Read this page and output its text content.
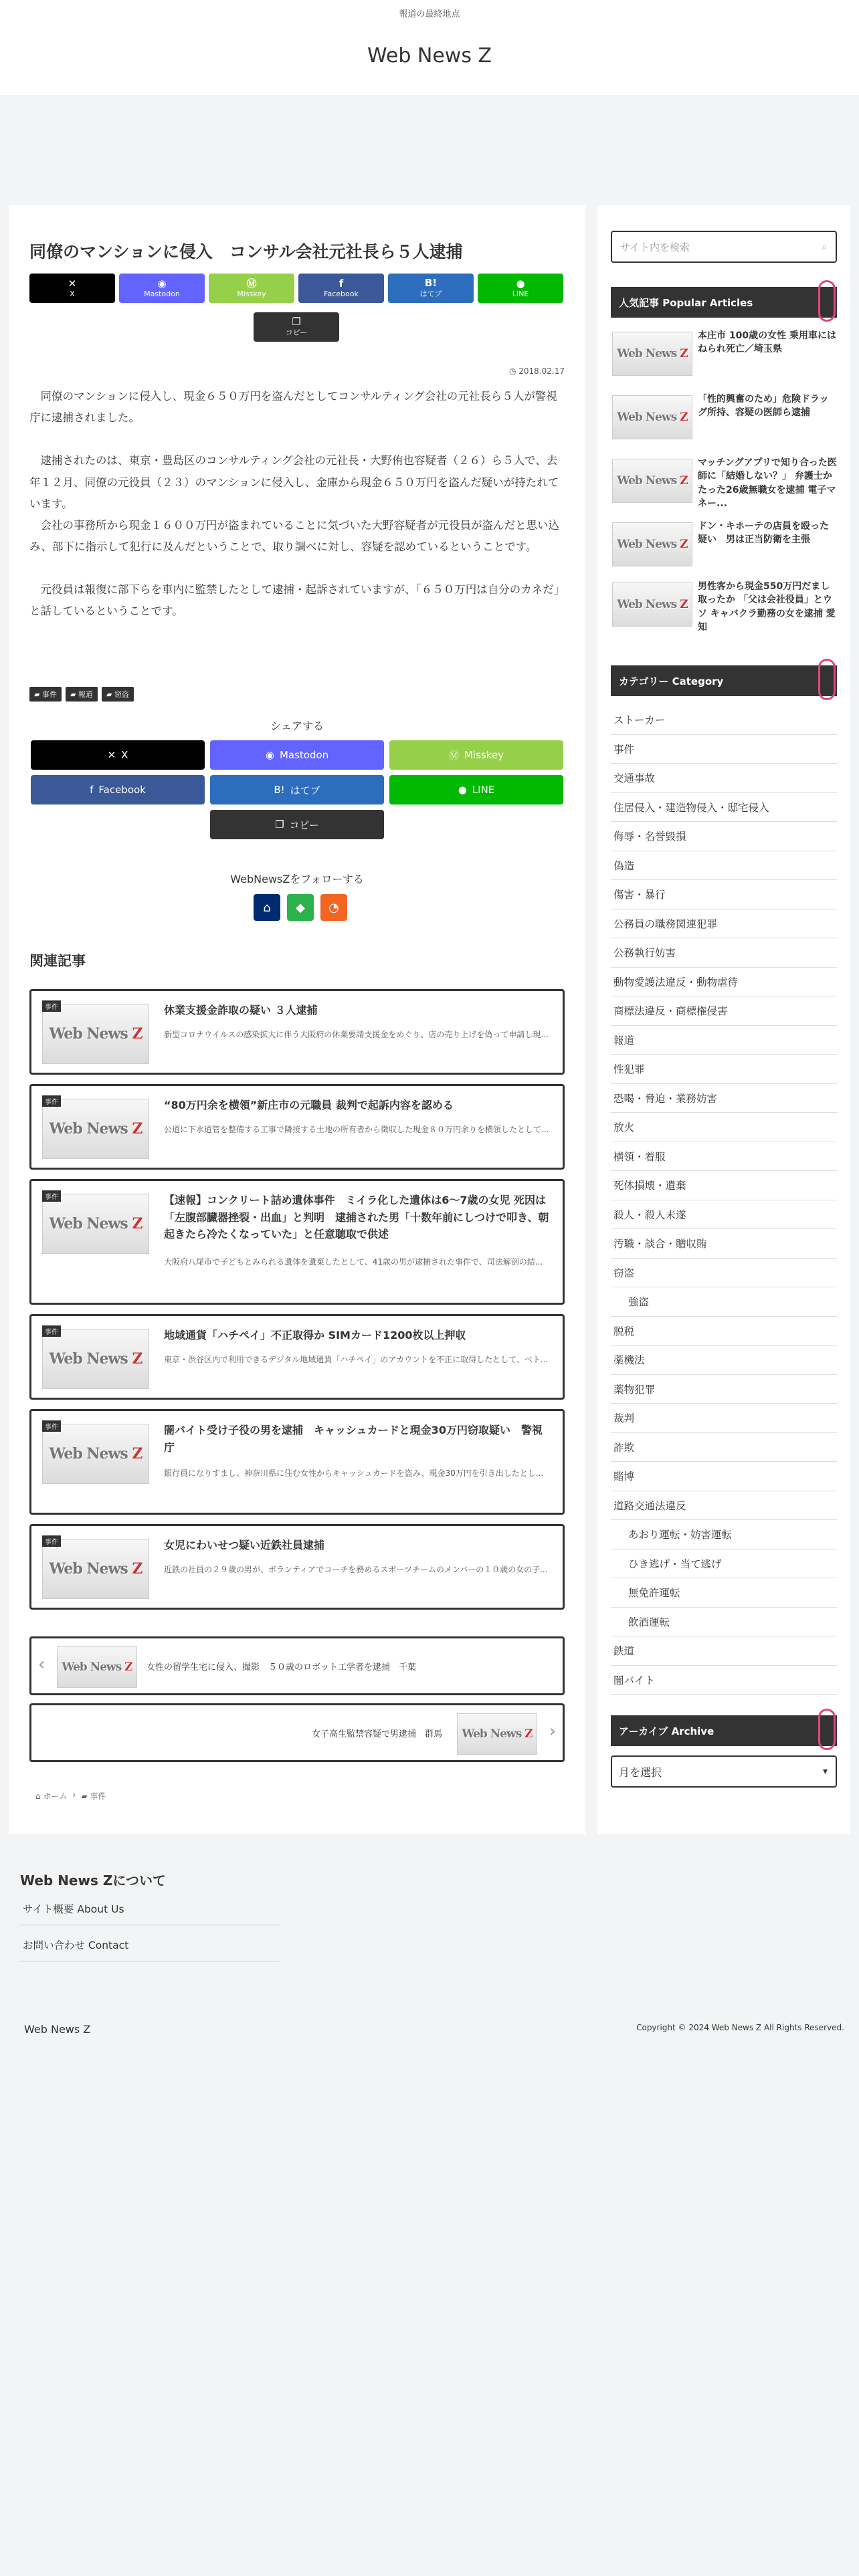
報道の最終地点
Web News Z
同僚のマンションに侵入　コンサル会社元社長ら５人逮捕
✕
X
◉
Mastodon
Ⓜ
Misskey
f
Facebook
B!
はてブ
●
LINE
❐
コピー
◷ 2018.02.17

同僚のマンションに侵入し、現金６５０万円を盗んだとしてコンサルティング会社の元社長ら５人が警視庁に逮捕されました。

逮捕されたのは、東京・豊島区のコンサルティング会社の元社長・大野侑也容疑者（２６）ら５人で、去年１２月、同僚の元役員（２３）のマンションに侵入し、金庫から現金６５０万円を盗んだ疑いが持たれています。

会社の事務所から現金１６００万円が盗まれていることに気づいた大野容疑者が元役員が盗んだと思い込み、部下に指示して犯行に及んだということで、取り調べに対し、容疑を認めているということです。

元役員は報復に部下らを車内に監禁したとして逮捕・起訴されていますが、「６５０万円は自分のカネだ」と話しているということです。

▰ 事件	▰ 報道	▰ 窃盗
シェアする
✕ X	◉ Mastodon	Ⓜ Misskey
f Facebook	B! はてブ	● LINE
❐ コピー
WebNewsZをフォローする
⌂ ◆ ◔
関連記事
Web News Z
事件	休業支援金詐取の疑い ３人逮捕
新型コロナウイルスの感染拡大に伴う大阪府の休業要請支援金をめぐり、店の売り上げを偽って申請し現...
Web News Z
事件	“80万円余を横領”新庄市の元職員 裁判で起訴内容を認める
公道に下水道管を整備する工事で隣接する土地の所有者から徴収した現金８０万円余りを横領したとして...
Web News Z
事件	【速報】コンクリート詰め遺体事件　ミイラ化した遺体は6～7歳の女児 死因は「左腹部臓器挫裂・出血」と判明　逮捕された男「十数年前にしつけで叩き、朝起きたら冷たくなっていた」と任意聴取で供述
大阪府八尾市で子どもとみられる遺体を遺棄したとして、41歳の男が逮捕された事件で、司法解剖の結...
Web News Z
事件	地域通貨「ハチペイ」不正取得か SIMカード1200枚以上押収
東京・渋谷区内で利用できるデジタル地域通貨「ハチペイ」のアカウントを不正に取得したとして、ベト...
Web News Z
事件	闇バイト受け子役の男を逮捕　キャッシュカードと現金30万円窃取疑い　警視庁
銀行員になりすまし、神奈川県に住む女性からキャッシュカードを盗み、現金30万円を引き出したとし...
Web News Z
事件	女児にわいせつ疑い近鉄社員逮捕
近鉄の社員の２９歳の男が、ボランティアでコーチを務めるスポーツチームのメンバーの１０歳の女の子...
‹ Web News Z 女性の留学生宅に侵入、撮影　５０歳のロボット工学者を逮捕　千葉
女子高生監禁容疑で男逮捕　群馬 Web News Z ›
⌂ ホーム › ▰ 事件
サイト内を検索	⌕
人気記事 Popular Articles
Web News Z
本庄市 100歳の女性 乗用車にはねられ死亡／埼玉県
Web News Z
「性的興奮のため」危険ドラッグ所持、容疑の医師ら逮捕
Web News Z
マッチングアプリで知り合った医師に「結婚しない？」 弁護士かたった26歳無職女を逮捕 電子マネー...
Web News Z
ドン・キホーテの店員を殴った疑い　男は正当防衛を主張
Web News Z
男性客から現金550万円だまし取ったか 「父は会社役員」とウソ キャバクラ勤務の女を逮捕 愛知
カテゴリー Category
ストーカー
事件
交通事故
住居侵入・建造物侵入・邸宅侵入
侮辱・名誉毀損
偽造
傷害・暴行
公務員の職務関連犯罪
公務執行妨害
動物愛護法違反・動物虐待
商標法違反・商標権侵害
報道
性犯罪
恐喝・脅迫・業務妨害
放火
横領・着服
死体損壊・遺棄
殺人・殺人未遂
汚職・談合・贈収賄
窃盗
強盗
脱税
薬機法
薬物犯罪
裁判
詐欺
賭博
道路交通法違反
あおり運転・妨害運転
ひき逃げ・当て逃げ
無免許運転
飲酒運転
鉄道
闇バイト
アーカイブ Archive
月を選択	▾
Web News Zについて
サイト概要 About Us
お問い合わせ Contact
Web News Z	Copyright © 2024 Web News Z All Rights Reserved.
